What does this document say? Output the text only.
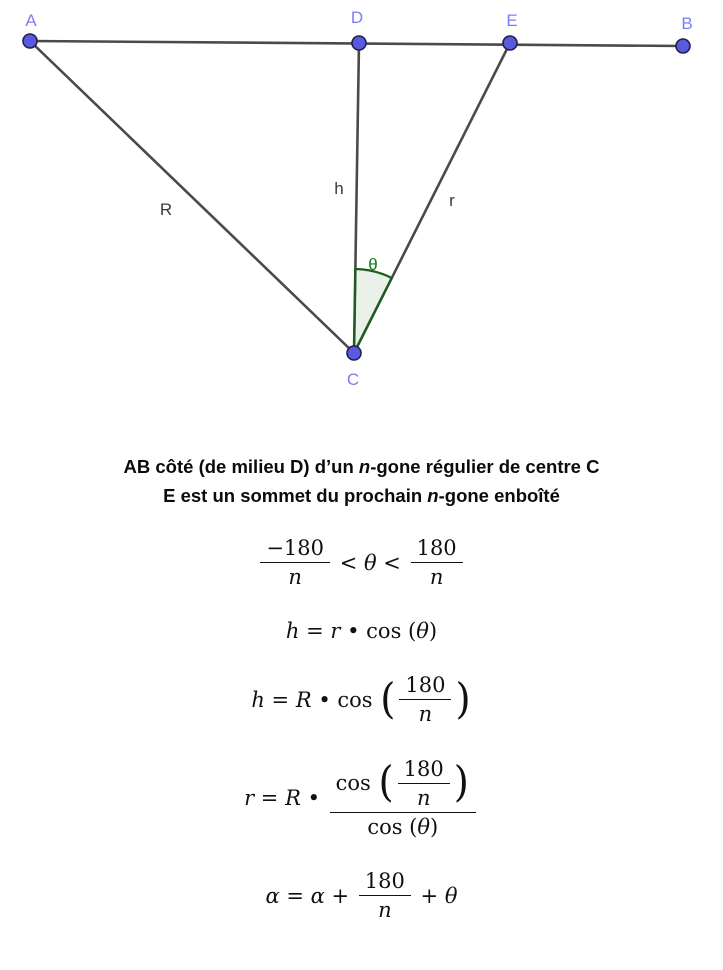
θ
R
h
r
A	D	E	B
C
AB côté (de milieu D) d’un n-gone régulier de centre C
E est un sommet du prochain n-gone enboîté
$\frac{-180}{n} < \theta < \frac{180}{n}$
h = r • cos ( θ )
h = R • cos ( $\frac{180}{n}$ )
r = R • $\frac{\cos ( \frac{180}{n} )}{\cos ( \theta )}$
$\alpha = \alpha + \frac{180}{n} + \theta$
